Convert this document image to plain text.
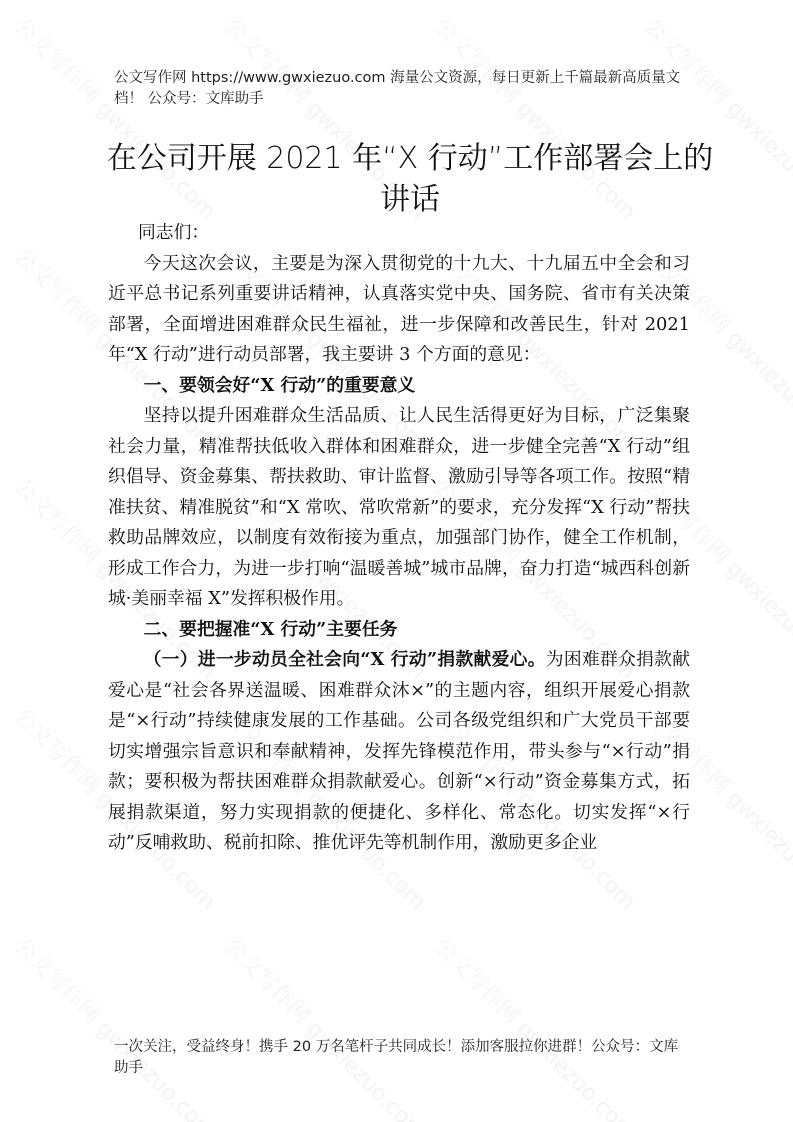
公文写作网 https://www.gwxiezuo.com 海量公文资源，每日更新上千篇最新高质量文档！ 公众号：文库助手
在公司开展 2021 年“X 行动”工作部署会上的讲话

同志们：

今天这次会议，主要是为深入贯彻党的十九大、十九届五中全会和习近平总书记系列重要讲话精神，认真落实党中央、国务院、省市有关决策部署，全面增进困难群众民生福祉，进一步保障和改善民生，针对 2021 年“X 行动”进行动员部署，我主要讲 3 个方面的意见：

一、要领会好“X 行动”的重要意义

坚持以提升困难群众生活品质、让人民生活得更好为目标，广泛集聚社会力量，精准帮扶低收入群体和困难群众，进一步健全完善“X 行动”组织倡导、资金募集、帮扶救助、审计监督、激励引导等各项工作。按照“精准扶贫、精准脱贫”和“X 常吹、常吹常新”的要求，充分发挥“X 行动”帮扶救助品牌效应，以制度有效衔接为重点，加强部门协作，健全工作机制，形成工作合力，为进一步打响“温暖善城”城市品牌，奋力打造“城西科创新城·美丽幸福 X”发挥积极作用。

二、要把握准“X 行动”主要任务

（一）进一步动员全社会向“X 行动”捐款献爱心。为困难群众捐款献爱心是“社会各界送温暖、困难群众沐×”的主题内容，组织开展爱心捐款是“×行动”持续健康发展的工作基础。公司各级党组织和广大党员干部要切实增强宗旨意识和奉献精神，发挥先锋模范作用，带头参与“×行动”捐款；要积极为帮扶困难群众捐款献爱心。创新“×行动”资金募集方式，拓展捐款渠道，努力实现捐款的便捷化、多样化、常态化。切实发挥“×行动”反哺救助、税前扣除、推优评先等机制作用，激励更多企业

一次关注，受益终身！携手 20 万名笔杆子共同成长！添加客服拉你进群！公众号：文库助手
